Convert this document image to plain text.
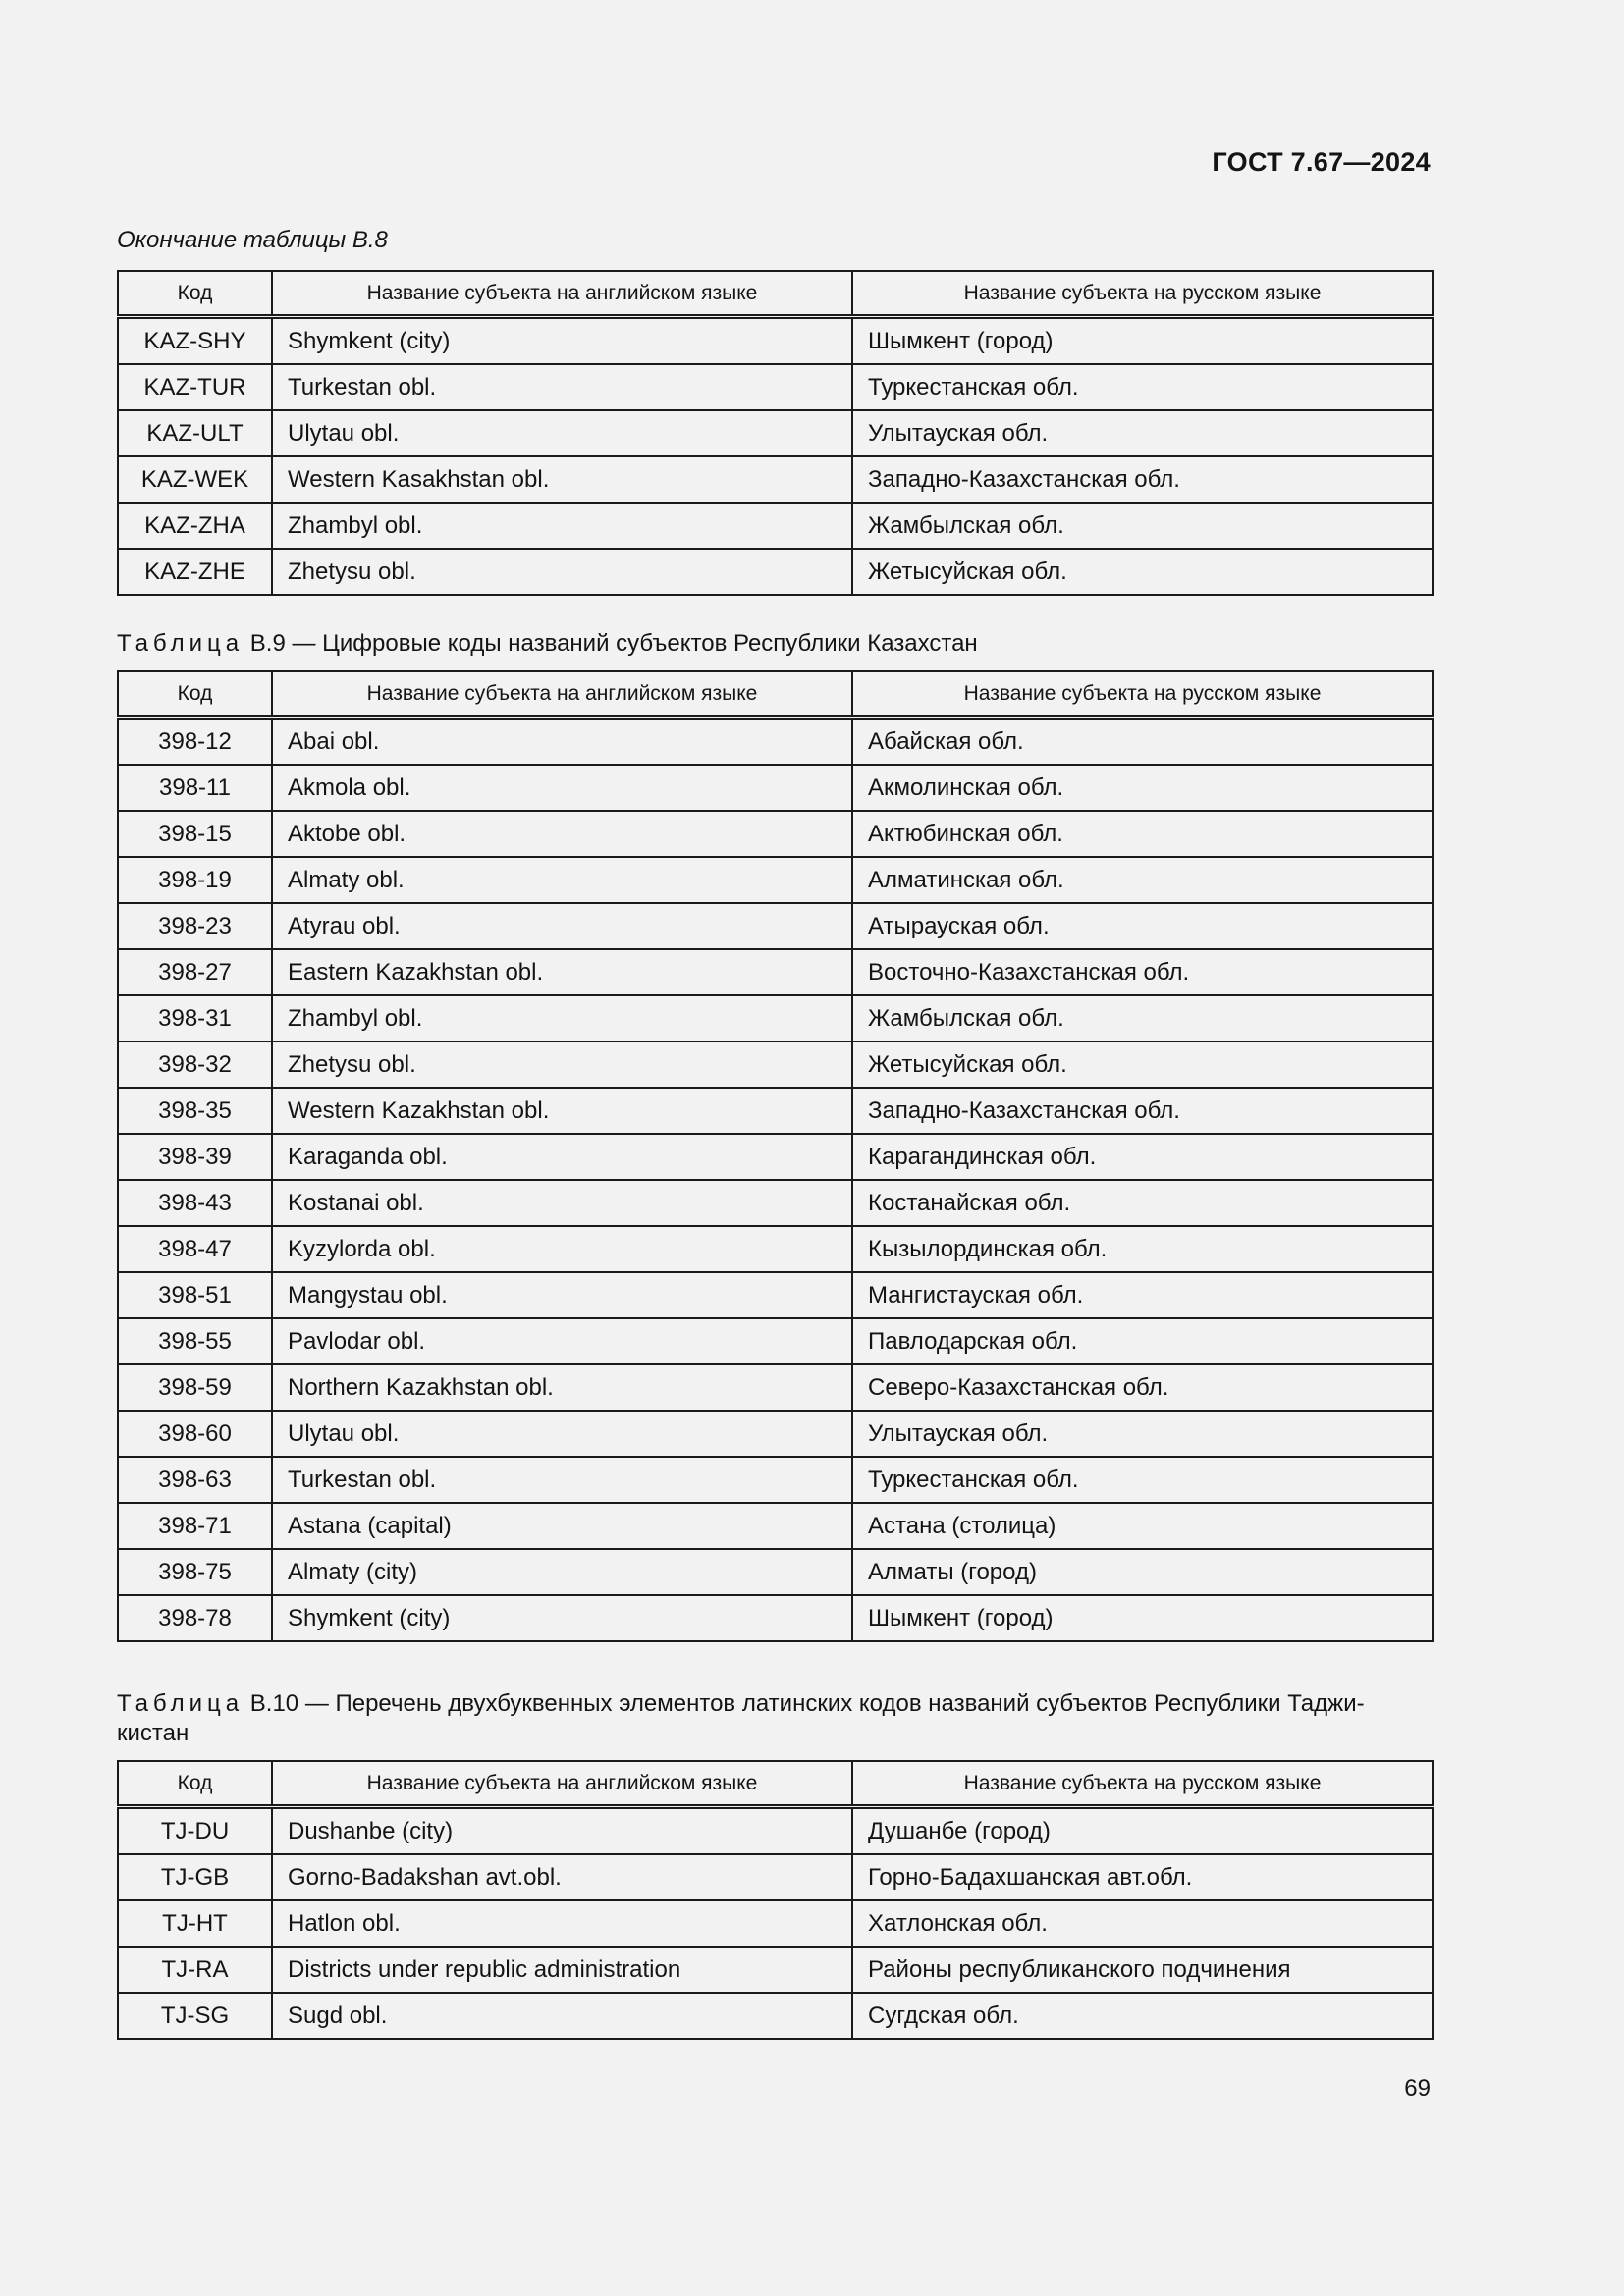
ГОСТ 7.67—2024
Окончание таблицы В.8
Код	Название субъекта на английском языке	Название субъекта на русском языке
KAZ-SHY	Shymkent (city)	Шымкент (город)
KAZ-TUR	Turkestan obl.	Туркестанская обл.
KAZ-ULT	Ulytau obl.	Улытауская обл.
KAZ-WEK	Western Kasakhstan obl.	Западно-Казахстанская обл.
KAZ-ZHA	Zhambyl obl.	Жамбылская обл.
KAZ-ZHE	Zhetysu obl.	Жетысуйская обл.
Таблица В.9 — Цифровые коды названий субъектов Республики Казахстан
Код	Название субъекта на английском языке	Название субъекта на русском языке
398-12	Abai obl.	Абайская обл.
398-11	Akmola obl.	Акмолинская обл.
398-15	Aktobe obl.	Актюбинская обл.
398-19	Almaty obl.	Алматинская обл.
398-23	Atyrau obl.	Атырауская обл.
398-27	Eastern Kazakhstan obl.	Восточно-Казахстанская обл.
398-31	Zhambyl obl.	Жамбылская обл.
398-32	Zhetysu obl.	Жетысуйская обл.
398-35	Western Kazakhstan obl.	Западно-Казахстанская обл.
398-39	Karaganda obl.	Карагандинская обл.
398-43	Kostanai obl.	Костанайская обл.
398-47	Kyzylorda obl.	Кызылординская обл.
398-51	Mangystau obl.	Мангистауская обл.
398-55	Pavlodar obl.	Павлодарская обл.
398-59	Northern Kazakhstan obl.	Северо-Казахстанская обл.
398-60	Ulytau obl.	Улытауская обл.
398-63	Turkestan obl.	Туркестанская обл.
398-71	Astana (capital)	Астана (столица)
398-75	Almaty (city)	Алматы (город)
398-78	Shymkent (city)	Шымкент (город)
Таблица В.10 — Перечень двухбуквенных элементов латинских кодов названий субъектов Республики Таджи-кистан
Код	Название субъекта на английском языке	Название субъекта на русском языке
TJ-DU	Dushanbe (city)	Душанбе (город)
TJ-GB	Gorno-Badakshan avt.obl.	Горно-Бадахшанская авт.обл.
TJ-HT	Hatlon obl.	Хатлонская обл.
TJ-RA	Districts under republic administration	Районы республиканского подчинения
TJ-SG	Sugd obl.	Сугдская обл.
69
